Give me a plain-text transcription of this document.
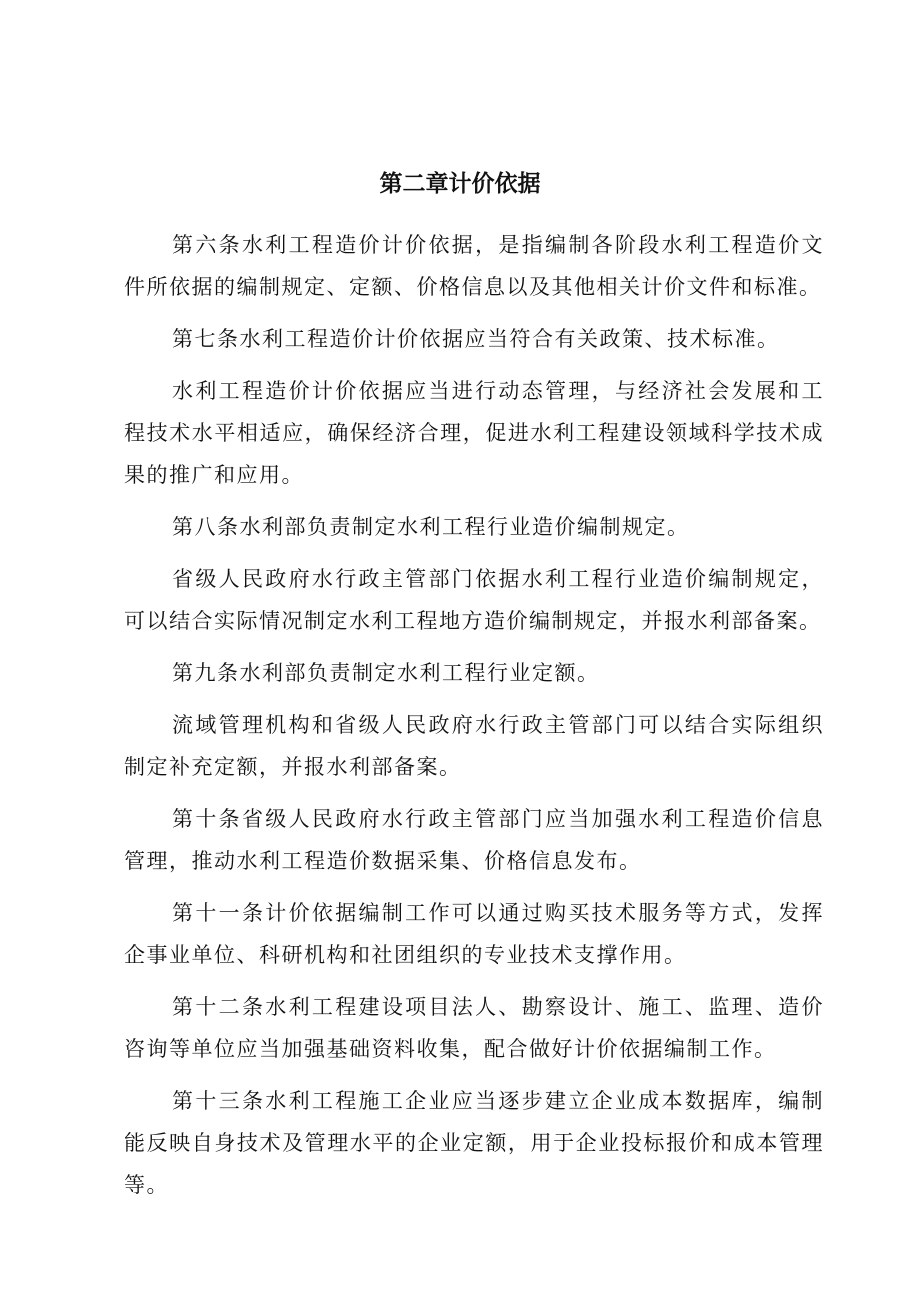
第二章计价依据

第六条水利工程造价计价依据，是指编制各阶段水利工程造价文件所依据的编制规定、定额、价格信息以及其他相关计价文件和标准。

第七条水利工程造价计价依据应当符合有关政策、技术标准。

水利工程造价计价依据应当进行动态管理，与经济社会发展和工程技术水平相适应，确保经济合理，促进水利工程建设领域科学技术成果的推广和应用。

第八条水利部负责制定水利工程行业造价编制规定。

省级人民政府水行政主管部门依据水利工程行业造价编制规定，可以结合实际情况制定水利工程地方造价编制规定，并报水利部备案。

第九条水利部负责制定水利工程行业定额。

流域管理机构和省级人民政府水行政主管部门可以结合实际组织制定补充定额，并报水利部备案。

第十条省级人民政府水行政主管部门应当加强水利工程造价信息管理，推动水利工程造价数据采集、价格信息发布。

第十一条计价依据编制工作可以通过购买技术服务等方式，发挥企事业单位、科研机构和社团组织的专业技术支撑作用。

第十二条水利工程建设项目法人、勘察设计、施工、监理、造价咨询等单位应当加强基础资料收集，配合做好计价依据编制工作。

第十三条水利工程施工企业应当逐步建立企业成本数据库，编制能反映自身技术及管理水平的企业定额，用于企业投标报价和成本管理等。
